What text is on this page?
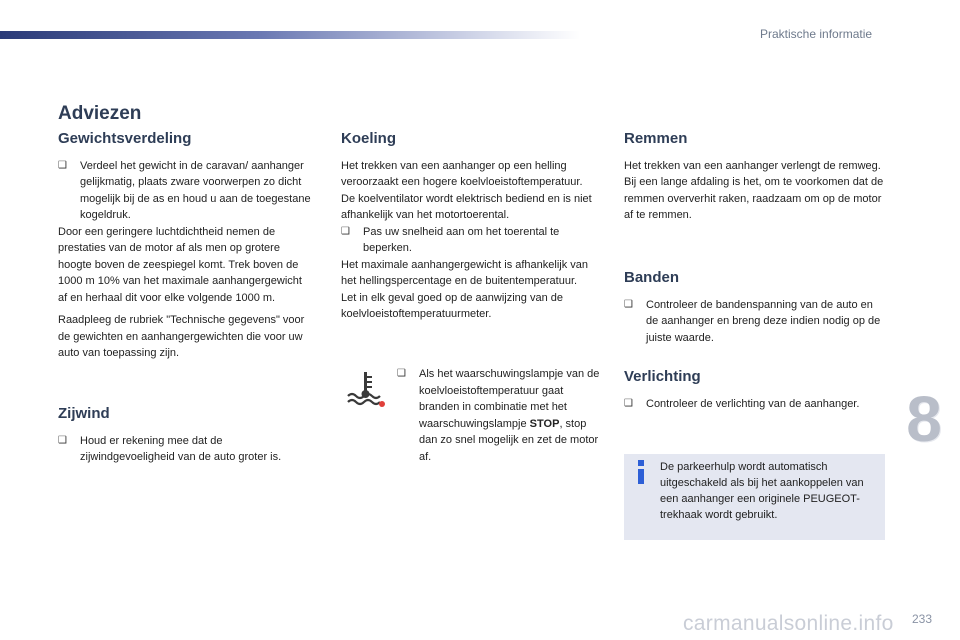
Praktische informatie
Adviezen
Gewichtsverdeling
❑ Verdeel het gewicht in de caravan/ aanhanger gelijkmatig, plaats zware voorwerpen zo dicht mogelijk bij de as en houd u aan de toegestane kogeldruk.

Door een geringere luchtdichtheid nemen de prestaties van de motor af als men op grotere hoogte boven de zeespiegel komt. Trek boven de 1000 m 10% van het maximale aanhangergewicht af en herhaal dit voor elke volgende 1000 m.

Raadpleeg de rubriek "Technische gegevens" voor de gewichten en aanhangergewichten die voor uw auto van toepassing zijn.

Zijwind
❑ Houd er rekening mee dat de zijwindgevoeligheid van de auto groter is.
Koeling

Het trekken van een aanhanger op een helling veroorzaakt een hogere koelvloeistoftemperatuur.

De koelventilator wordt elektrisch bediend en is niet afhankelijk van het motortoerental.

❑ Pas uw snelheid aan om het toerental te beperken.

Het maximale aanhangergewicht is afhankelijk van het hellingspercentage en de buitentemperatuur.

Let in elk geval goed op de aanwijzing van de koelvloeistoftemperatuurmeter.

❑ Als het waarschuwingslampje van de koelvloeistoftemperatuur gaat branden in combinatie met het waarschuwingslampje STOP, stop dan zo snel mogelijk en zet de motor af.
Remmen

Het trekken van een aanhanger verlengt de remweg.

Bij een lange afdaling is het, om te voorkomen dat de remmen oververhit raken, raadzaam om op de motor af te remmen.

Banden
❑ Controleer de bandenspanning van de auto en de aanhanger en breng deze indien nodig op de juiste waarde.
Verlichting
❑ Controleer de verlichting van de aanhanger.
De parkeerhulp wordt automatisch uitgeschakeld als bij het aankoppelen van een aanhanger een originele PEUGEOT-trekhaak wordt gebruikt.
8
carmanualsonline.info 233
